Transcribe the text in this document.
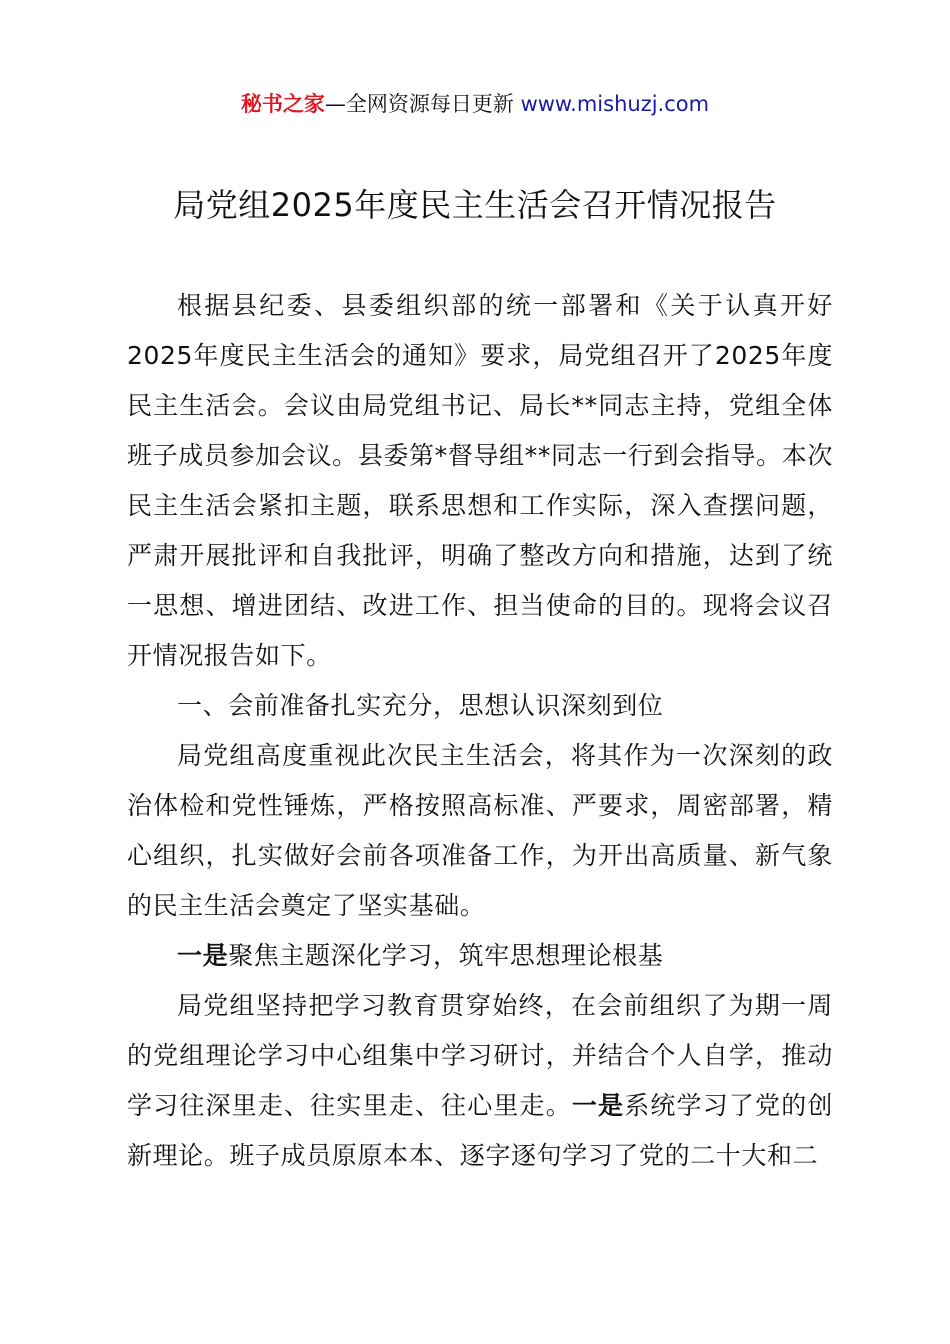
秘书之家—全网资源每日更新 www.mishuzj.com
局党组2025年度民主生活会召开情况报告

根据县纪委、县委组织部的统一部署和《关于认真开好2025年度民主生活会的通知》要求，局党组召开了2025年度民主生活会。会议由局党组书记、局长**同志主持，党组全体班子成员参加会议。县委第*督导组**同志一行到会指导。本次民主生活会紧扣主题，联系思想和工作实际，深入查摆问题，严肃开展批评和自我批评，明确了整改方向和措施，达到了统一思想、增进团结、改进工作、担当使命的目的。现将会议召开情况报告如下。

一、会前准备扎实充分，思想认识深刻到位

局党组高度重视此次民主生活会，将其作为一次深刻的政治体检和党性锤炼，严格按照高标准、严要求，周密部署，精心组织，扎实做好会前各项准备工作，为开出高质量、新气象的民主生活会奠定了坚实基础。

一是聚焦主题深化学习，筑牢思想理论根基

局党组坚持把学习教育贯穿始终，在会前组织了为期一周的党组理论学习中心组集中学习研讨，并结合个人自学，推动学习往深里走、往实里走、往心里走。一是系统学习了党的创新理论。班子成员原原本本、逐字逐句学习了党的二十大和二
